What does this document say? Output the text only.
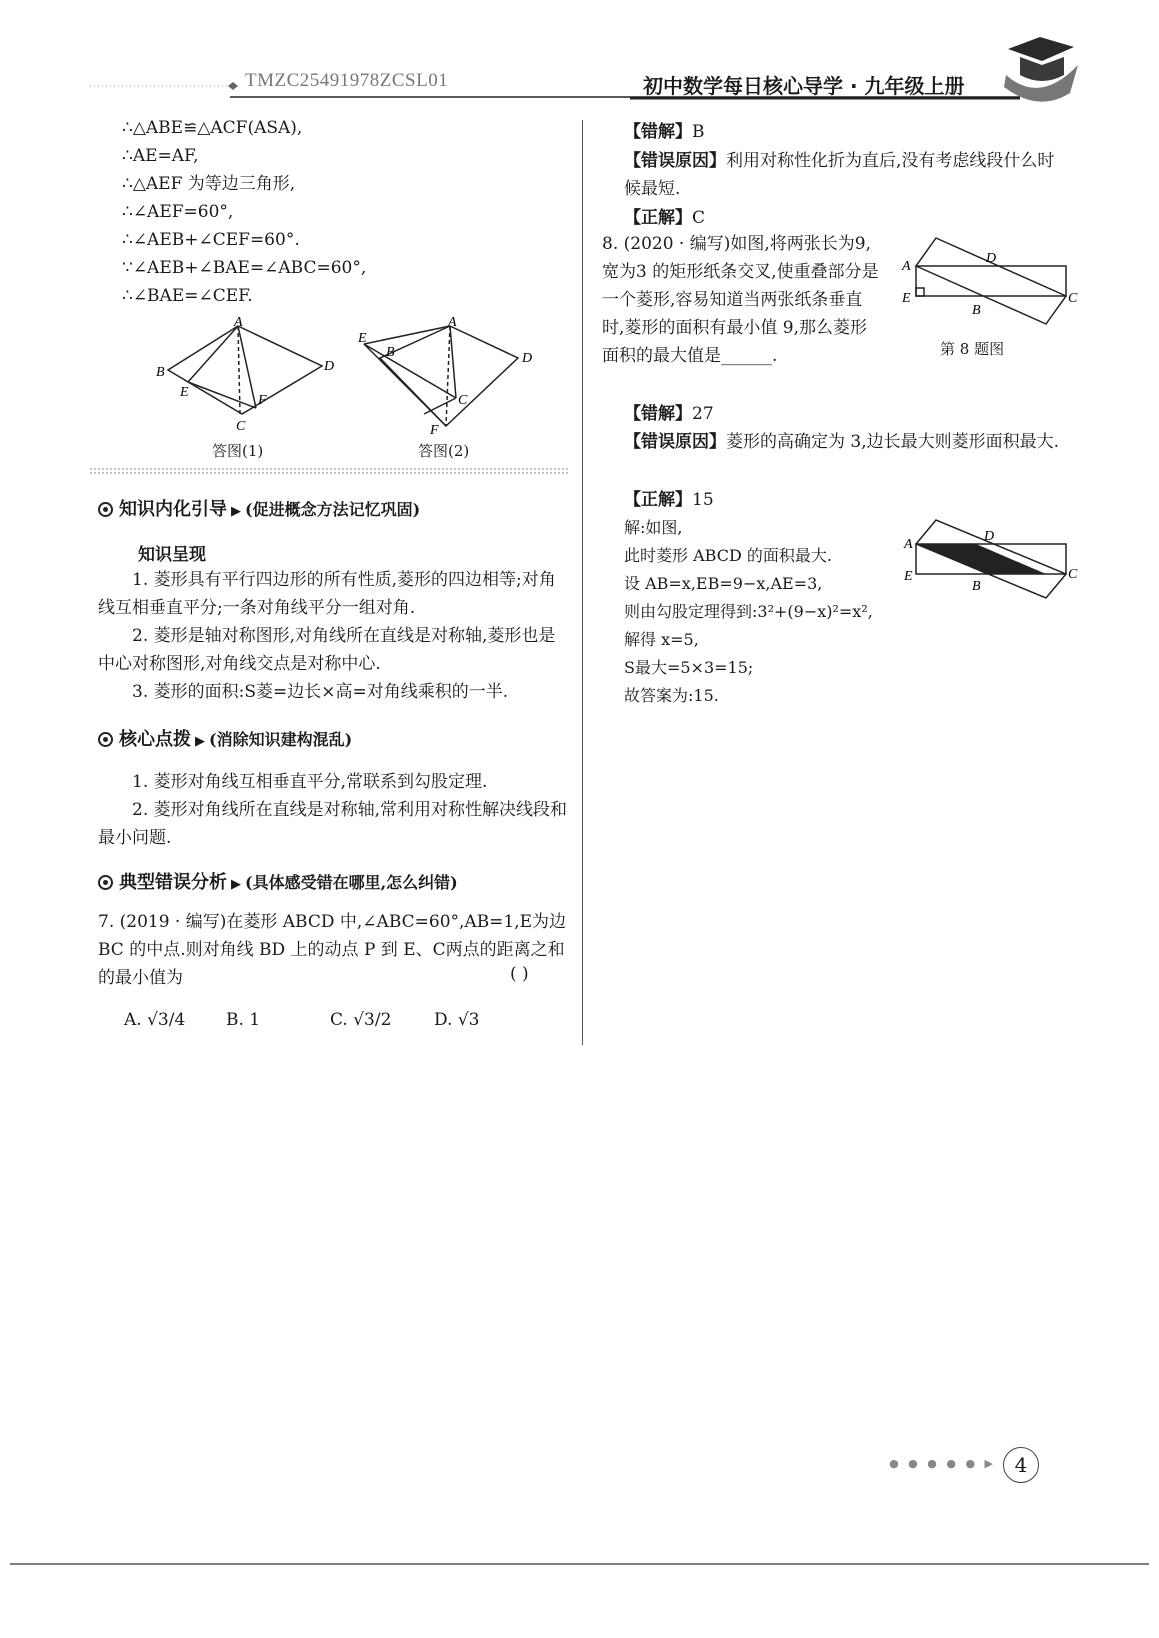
TMZC25491978ZCSL01	初中数学每日核心导学 · 九年级上册
∴△ABE≌△ACF(ASA),
∴AE=AF,
∴△AEF 为等边三角形,
∴∠AEF=60°,
∴∠AEB+∠CEF=60°.
∵∠AEB+∠BAE=∠ABC=60°,
∴∠BAE=∠CEF.
A
B	D
E
F
C
答图(1)
A
E
B	D
C
F
答图(2)
知识内化引导 ▶ (促进概念方法记忆巩固)
知识呈现
1. 菱形具有平行四边形的所有性质,菱形的四边相等;对角线互相垂直平分;一条对角线平分一组对角.
2. 菱形是轴对称图形,对角线所在直线是对称轴,菱形也是中心对称图形,对角线交点是对称中心.
3. 菱形的面积:S菱=边长×高=对角线乘积的一半.
核心点拨 ▶ (消除知识建构混乱)
1. 菱形对角线互相垂直平分,常联系到勾股定理.
2. 菱形对角线所在直线是对称轴,常利用对称性解决线段和最小问题.
典型错误分析 ▶ (具体感受错在哪里,怎么纠错)
7. (2019 · 编写)在菱形 ABCD 中,∠ABC=60°,AB=1,E为边BC 的中点.则对角线 BD 上的动点 P 到 E、C两点的距离之和的最小值为	( )
A. √3/4 B. 1	C. √3/2	D. √3
【错解】B
【错误原因】利用对称性化折为直后,没有考虑线段什么时候最短.
【正解】C
8. (2020 · 编写)如图,将两张长为9,宽为3 的矩形纸条交叉,使重叠部分是一个菱形,容易知道当两张纸条垂直时,菱形的面积有最小值 9,那么菱形面积的最大值是______.
A
D
E
B
C
第 8 题图
【错解】27
【错误原因】菱形的高确定为 3,边长最大则菱形面积最大.
【正解】15
解:如图,
此时菱形 ABCD 的面积最大.
设 AB=x,EB=9−x,AE=3,
则由勾股定理得到:3²+(9−x)²=x²,
解得 x=5,
S最大=5×3=15;
故答案为:15.
A
D
E
B
C
● ● ● ● ● ▶ 4
